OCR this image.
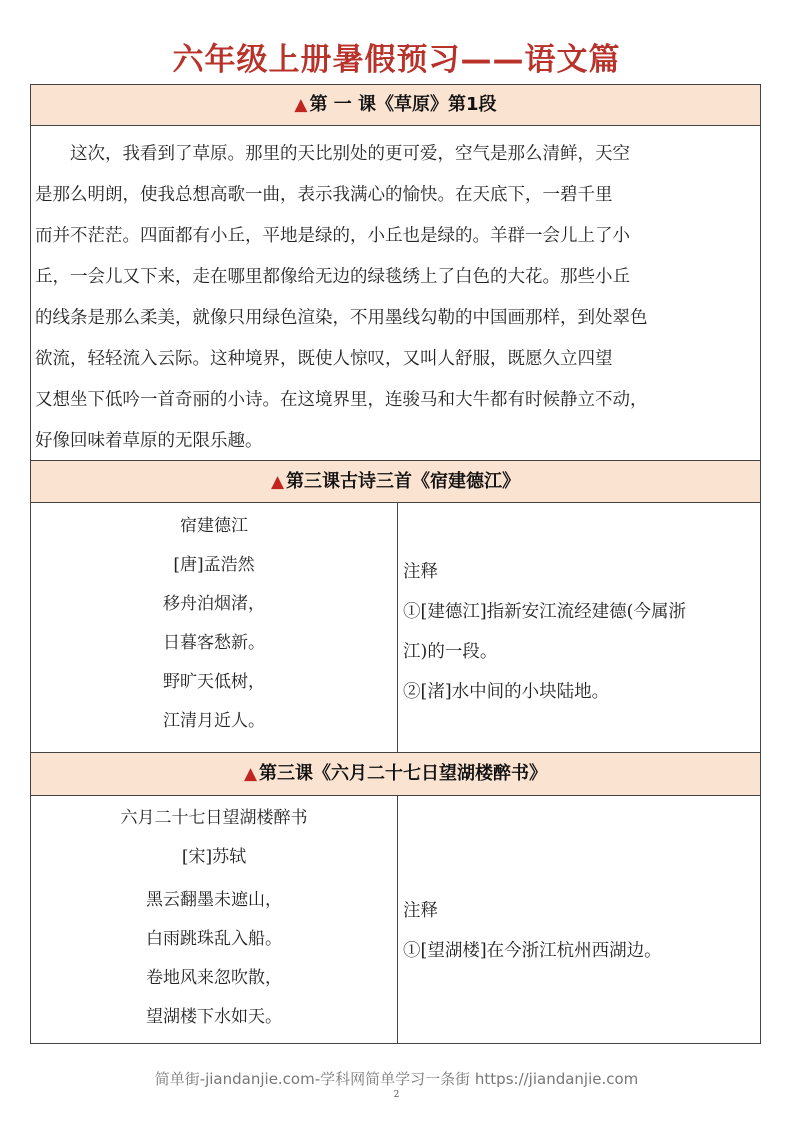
六年级上册暑假预习——语文篇
▲ 第 一 课《草原》第1段
　　这次，我看到了草原。那里的天比别处的更可爱，空气是那么清鲜，天空
是那么明朗，使我总想高歌一曲，表示我满心的愉快。在天底下，一碧千里
而并不茫茫。四面都有小丘，平地是绿的，小丘也是绿的。羊群一会儿上了小
丘，一会儿又下来，走在哪里都像给无边的绿毯绣上了白色的大花。那些小丘
的线条是那么柔美，就像只用绿色渲染，不用墨线勾勒的中国画那样，到处翠色
欲流，轻轻流入云际。这种境界，既使人惊叹，又叫人舒服，既愿久立四望
又想坐下低吟一首奇丽的小诗。在这境界里，连骏马和大牛都有时候静立不动，
好像回味着草原的无限乐趣。
▲ 第三课古诗三首《宿建德江》
宿建德江
[唐]孟浩然
移舟泊烟渚，
日暮客愁新。
野旷天低树，
江清月近人。
注释
①[建德江]指新安江流经建德(今属浙
江)的一段。
②[渚]水中间的小块陆地。
▲ 第三课《六月二十七日望湖楼醉书》
六月二十七日望湖楼醉书
[宋]苏轼
黑云翻墨未遮山，
白雨跳珠乱入船。
卷地风来忽吹散，
望湖楼下水如天。
注释
①[望湖楼]在今浙江杭州西湖边。
简单街-jiandanjie.com-学科网简单学习一条街 https://jiandanjie.com
2
